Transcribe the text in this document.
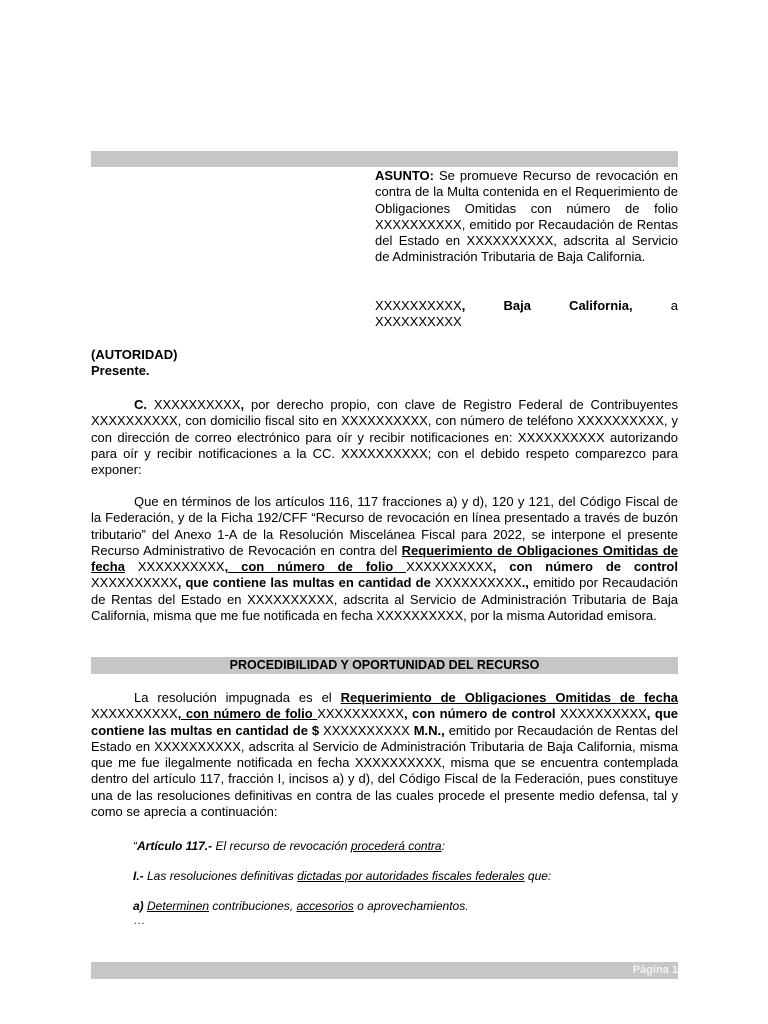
ASUNTO: Se promueve Recurso de revocación en contra de la Multa contenida en el Requerimiento de Obligaciones Omitidas con número de folio XXXXXXXXXX, emitido por Recaudación de Rentas del Estado en XXXXXXXXXX, adscrita al Servicio de Administración Tributaria de Baja California.
XXXXXXXXXX,	Baja California,	a
XXXXXXXXXX
(AUTORIDAD)
Presente.
C. XXXXXXXXXX, por derecho propio, con clave de Registro Federal de Contribuyentes XXXXXXXXXX, con domicilio fiscal sito en XXXXXXXXXX, con número de teléfono XXXXXXXXXX, y con dirección de correo electrónico para oír y recibir notificaciones en: XXXXXXXXXX autorizando para oír y recibir notificaciones a la CC. XXXXXXXXXX; con el debido respeto comparezco para exponer:
Que en términos de los artículos 116, 117 fracciones a) y d), 120 y 121, del Código Fiscal de la Federación, y de la Ficha 192/CFF “Recurso de revocación en línea presentado a través de buzón tributario” del Anexo 1-A de la Resolución Miscelánea Fiscal para 2022, se interpone el presente Recurso Administrativo de Revocación en contra del Requerimiento de Obligaciones Omitidas de fecha XXXXXXXXXX, con número de folio XXXXXXXXXX, con número de control XXXXXXXXXX, que contiene las multas en cantidad de XXXXXXXXXX., emitido por Recaudación de Rentas del Estado en XXXXXXXXXX, adscrita al Servicio de Administración Tributaria de Baja California, misma que me fue notificada en fecha XXXXXXXXXX, por la misma Autoridad emisora.
PROCEDIBILIDAD Y OPORTUNIDAD DEL RECURSO
La resolución impugnada es el Requerimiento de Obligaciones Omitidas de fecha XXXXXXXXXX, con número de folio XXXXXXXXXX, con número de control XXXXXXXXXX, que contiene las multas en cantidad de $ XXXXXXXXXX M.N., emitido por Recaudación de Rentas del Estado en XXXXXXXXXX, adscrita al Servicio de Administración Tributaria de Baja California, misma que me fue ilegalmente notificada en fecha XXXXXXXXXX, misma que se encuentra contemplada dentro del artículo 117, fracción I, incisos a) y d), del Código Fiscal de la Federación, pues constituye una de las resoluciones definitivas en contra de las cuales procede el presente medio defensa, tal y como se aprecia a continuación:
“Artículo 117.- El recurso de revocación procederá contra:
I.- Las resoluciones definitivas dictadas por autoridades fiscales federales que:
a) Determinen contribuciones, accesorios o aprovechamientos.
…
Página 1
